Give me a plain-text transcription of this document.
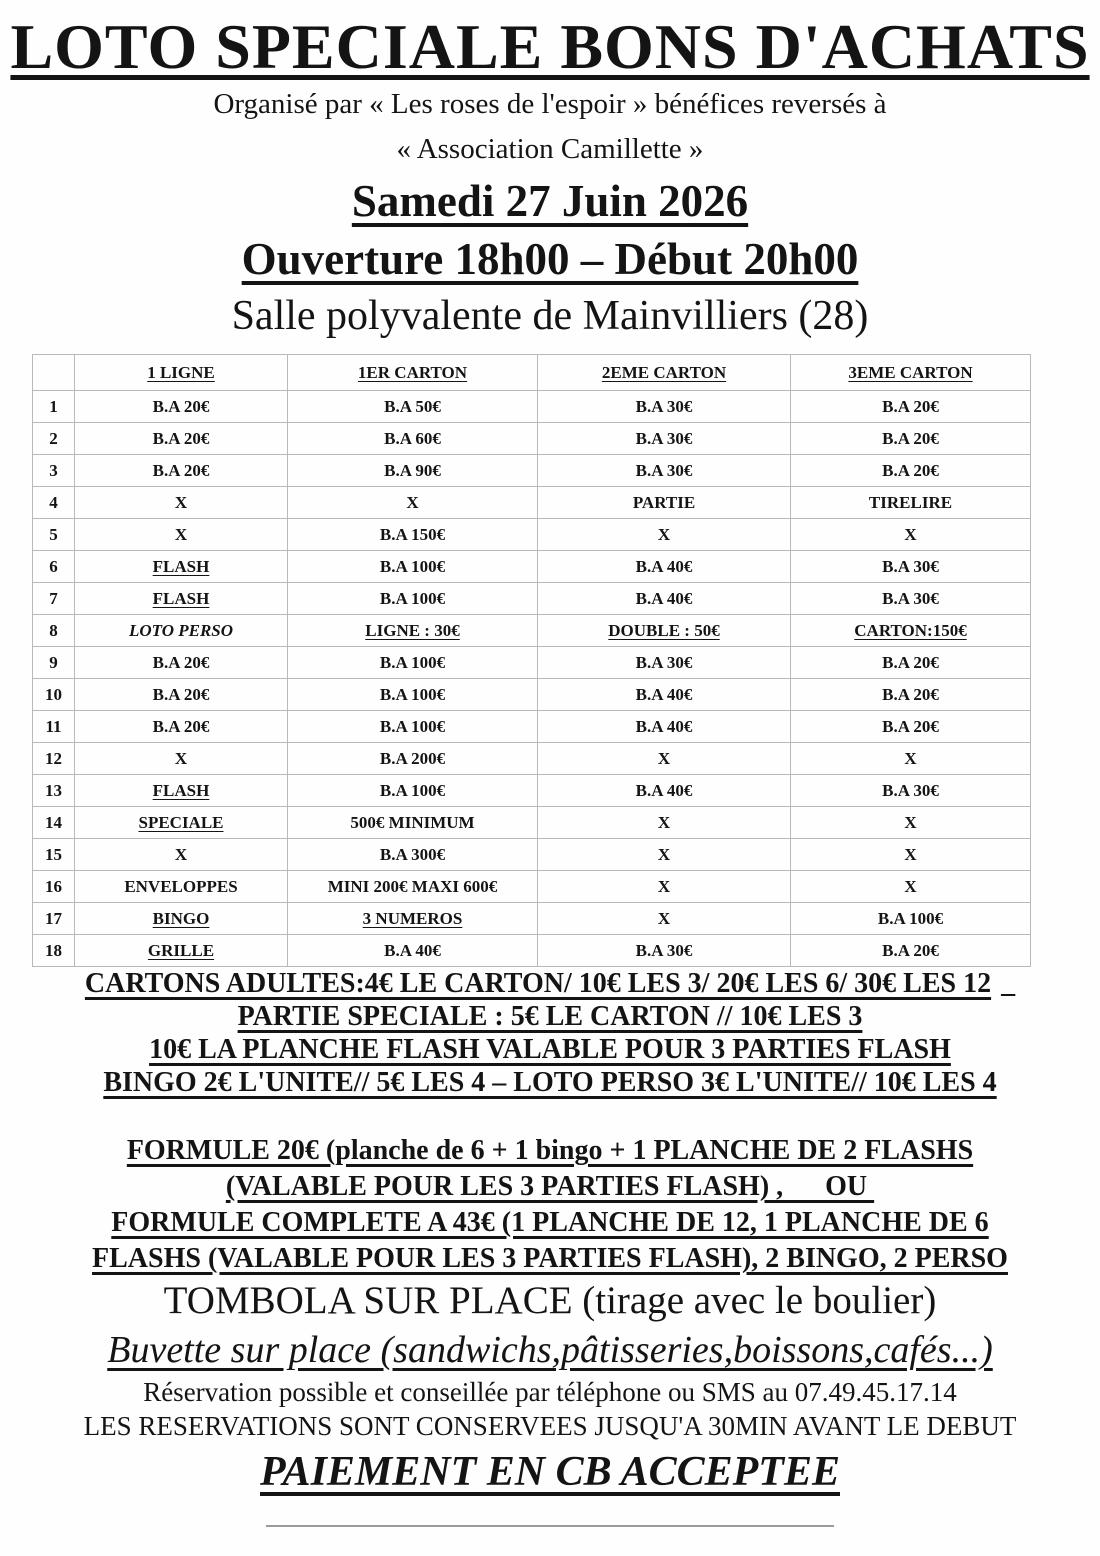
LOTO SPECIALE BONS D'ACHATS
Organisé par « Les roses de l'espoir » bénéfices reversés à
« Association Camillette »
Samedi 27 Juin 2026
Ouverture 18h00 – Début 20h00
Salle polyvalente de Mainvilliers (28)
	1 LIGNE	1ER CARTON	2EME CARTON	3EME CARTON
1	B.A 20€	B.A 50€	B.A 30€	B.A 20€
2	B.A 20€	B.A 60€	B.A 30€	B.A 20€
3	B.A 20€	B.A 90€	B.A 30€	B.A 20€
4	X	X	PARTIE	TIRELIRE
5	X	B.A 150€	X	X
6	FLASH	B.A 100€	B.A 40€	B.A 30€
7	FLASH	B.A 100€	B.A 40€	B.A 30€
8	LOTO PERSO	LIGNE : 30€	DOUBLE : 50€	CARTON:150€
9	B.A 20€	B.A 100€	B.A 30€	B.A 20€
10	B.A 20€	B.A 100€	B.A 40€	B.A 20€
11	B.A 20€	B.A 100€	B.A 40€	B.A 20€
12	X	B.A 200€	X	X
13	FLASH	B.A 100€	B.A 40€	B.A 30€
14	SPECIALE	500€ MINIMUM	X	X
15	X	B.A 300€	X	X
16	ENVELOPPES	MINI 200€ MAXI 600€	X	X
17	BINGO	3 NUMEROS	X	B.A 100€
18	GRILLE	B.A 40€	B.A 30€	B.A 20€
CARTONS ADULTES:4€ LE CARTON/ 10€ LES 3/ 20€ LES 6/ 30€ LES 12 _
PARTIE SPECIALE : 5€ LE CARTON // 10€ LES 3
10€ LA PLANCHE FLASH VALABLE POUR 3 PARTIES FLASH
BINGO 2€ L'UNITE// 5€ LES 4 – LOTO PERSO 3€ L'UNITE// 10€ LES 4
FORMULE 20€ (planche de 6 + 1 bingo + 1 PLANCHE DE 2 FLASHS
(VALABLE POUR LES 3 PARTIES FLASH) ,      OU
FORMULE COMPLETE A 43€ (1 PLANCHE DE 12, 1 PLANCHE DE 6
FLASHS (VALABLE POUR LES 3 PARTIES FLASH), 2 BINGO, 2 PERSO
TOMBOLA SUR PLACE (tirage avec le boulier)
Buvette sur place (sandwichs,pâtisseries,boissons,cafés...)
Réservation possible et conseillée par téléphone ou SMS au 07.49.45.17.14
LES RESERVATIONS SONT CONSERVEES JUSQU'A 30MIN AVANT LE DEBUT
PAIEMENT EN CB ACCEPTEE
